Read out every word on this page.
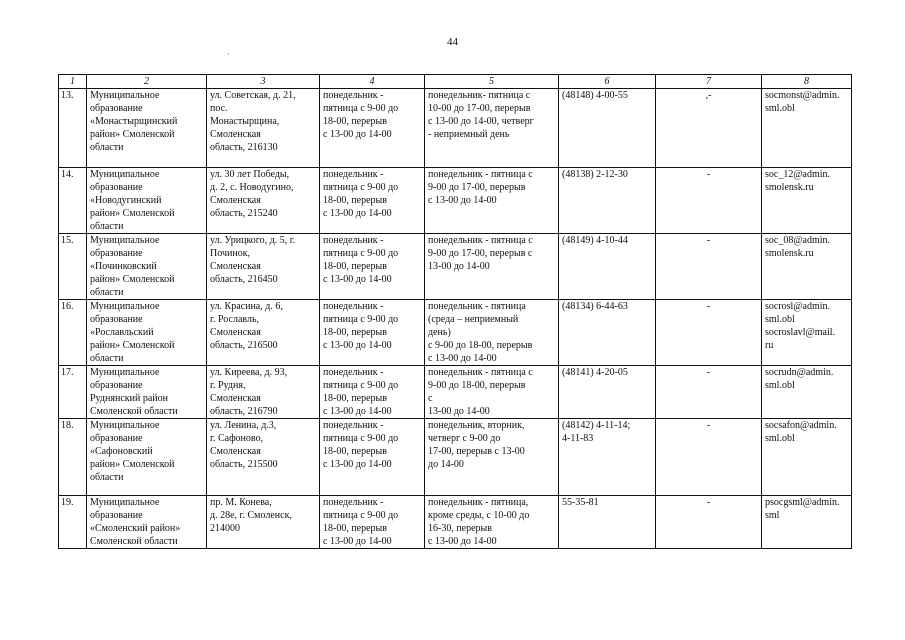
44
'
1	2	3	4	5	6	7	8
13.	Муниципальное
образование
«Монастырщинский
район» Смоленской
области	ул. Советская, д. 21,
пос.
Монастырщина,
Смоленская
область, 216130	понедельник -
пятница с 9-00 до
18-00, перерыв
с 13-00 до 14-00	понедельник- пятница с
10-00 до 17-00, перерыв
с 13-00 до 14-00, четверг
- неприемный день	(48148) 4-00-55	,-	socmonst@admin.
sml.obl
14.	Муниципальное
образование
«Новодугинский
район» Смоленской
области	ул. 30 лет Победы,
д. 2, с. Новодугино,
Смоленская
область, 215240	понедельник -
пятница с 9-00 до
18-00, перерыв
с 13-00 до 14-00	понедельник - пятница с
9-00 до 17-00, перерыв
с 13-00 до 14-00	(48138) 2-12-30	-	soc_12@admin.
smolensk.ru
15.	Муниципальное
образование
«Починковский
район» Смоленской
области	ул. Урицкого, д. 5, г.
Починок,
Смоленская
область, 216450	понедельник -
пятница с 9-00 до
18-00, перерыв
с 13-00 до 14-00	понедельник - пятница с
9-00 до 17-00, перерыв с
13-00 до 14-00	(48149) 4-10-44	-	soc_08@admin.
smolensk.ru
16.	Муниципальное
образование
«Рославльский
район» Смоленской
области	ул. Красина, д. 6,
г. Рославль,
Смоленская
область, 216500	понедельник -
пятница с 9-00 до
18-00, перерыв
с 13-00 до 14-00	понедельник - пятница
(среда – неприемный
день)
с 9-00 до 18-00, перерыв
с 13-00 до 14-00	(48134) 6-44-63	-	socrosl@admin.
sml.obl
socroslavl@mail.
ru
17.	Муниципальное
образование
Руднянский район
Смоленской области	ул. Киреева, д. 93,
г. Рудня,
Смоленская
область, 216790	понедельник -
пятница с 9-00 до
18-00, перерыв
с 13-00 до 14-00	понедельник - пятница с
9-00 до 18-00, перерыв
с
13-00 до 14-00	(48141) 4-20-05	-	socrudn@admin.
sml.obl
18.	Муниципальное
образование
«Сафоновский
район» Смоленской
области	ул. Ленина, д.3,
г. Сафоново,
Смоленская
область, 215500	понедельник -
пятница с 9-00 до
18-00, перерыв
с 13-00 до 14-00	понедельник, вторник,
четверг с 9-00 до
17-00, перерыв с 13-00
до 14-00	(48142) 4-11-14;
4-11-83	-	socsafon@admin.
sml.obl
19.	Муниципальное
образование
«Смоленский район»
Смоленской области	пр. М. Конева,
д. 28е, г. Смоленск,
214000	понедельник -
пятница с 9-00 до
18-00, перерыв
с 13-00 до 14-00	понедельник - пятница,
кроме среды, с 10-00 до
16-30, перерыв
с 13-00 до 14-00	55-35-81	-	psocgsml@admin.
sml
